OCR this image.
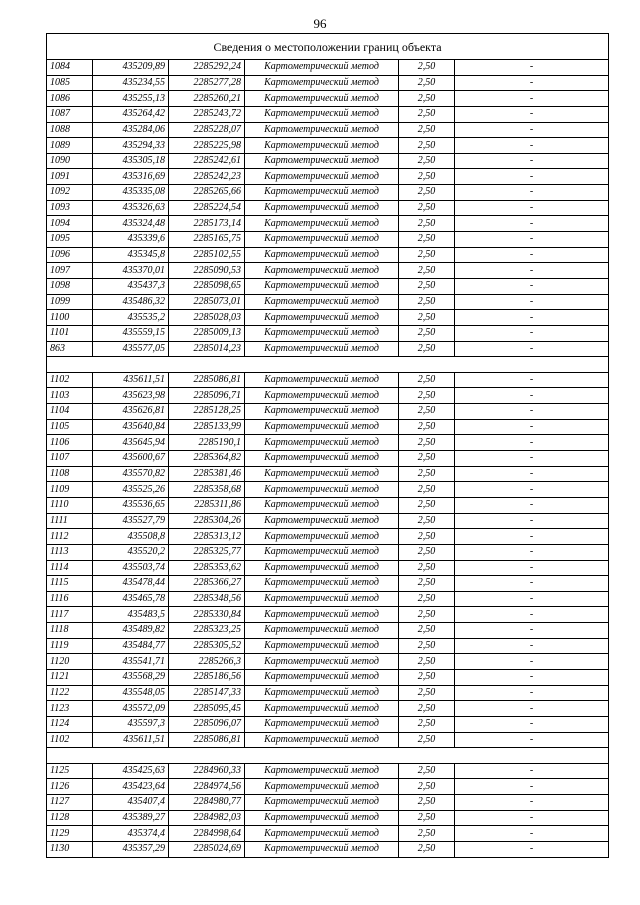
96
Сведения о местоположении границ объекта					
1084	435209,89	2285292,24	Картометрический метод	2,50	-
1085	435234,55	2285277,28	Картометрический метод	2,50	-
1086	435255,13	2285260,21	Картометрический метод	2,50	-
1087	435264,42	2285243,72	Картометрический метод	2,50	-
1088	435284,06	2285228,07	Картометрический метод	2,50	-
1089	435294,33	2285225,98	Картометрический метод	2,50	-
1090	435305,18	2285242,61	Картометрический метод	2,50	-
1091	435316,69	2285242,23	Картометрический метод	2,50	-
1092	435335,08	2285265,66	Картометрический метод	2,50	-
1093	435326,63	2285224,54	Картометрический метод	2,50	-
1094	435324,48	2285173,14	Картометрический метод	2,50	-
1095	435339,6	2285165,75	Картометрический метод	2,50	-
1096	435345,8	2285102,55	Картометрический метод	2,50	-
1097	435370,01	2285090,53	Картометрический метод	2,50	-
1098	435437,3	2285098,65	Картометрический метод	2,50	-
1099	435486,32	2285073,01	Картометрический метод	2,50	-
1100	435535,2	2285028,03	Картометрический метод	2,50	-
1101	435559,15	2285009,13	Картометрический метод	2,50	-
863	435577,05	2285014,23	Картометрический метод	2,50	-

1102	435611,51	2285086,81	Картометрический метод	2,50	-
1103	435623,98	2285096,71	Картометрический метод	2,50	-
1104	435626,81	2285128,25	Картометрический метод	2,50	-
1105	435640,84	2285133,99	Картометрический метод	2,50	-
1106	435645,94	2285190,1	Картометрический метод	2,50	-
1107	435600,67	2285364,82	Картометрический метод	2,50	-
1108	435570,82	2285381,46	Картометрический метод	2,50	-
1109	435525,26	2285358,68	Картометрический метод	2,50	-
1110	435536,65	2285311,86	Картометрический метод	2,50	-
1111	435527,79	2285304,26	Картометрический метод	2,50	-
1112	435508,8	2285313,12	Картометрический метод	2,50	-
1113	435520,2	2285325,77	Картометрический метод	2,50	-
1114	435503,74	2285353,62	Картометрический метод	2,50	-
1115	435478,44	2285366,27	Картометрический метод	2,50	-
1116	435465,78	2285348,56	Картометрический метод	2,50	-
1117	435483,5	2285330,84	Картометрический метод	2,50	-
1118	435489,82	2285323,25	Картометрический метод	2,50	-
1119	435484,77	2285305,52	Картометрический метод	2,50	-
1120	435541,71	2285266,3	Картометрический метод	2,50	-
1121	435568,29	2285186,56	Картометрический метод	2,50	-
1122	435548,05	2285147,33	Картометрический метод	2,50	-
1123	435572,09	2285095,45	Картометрический метод	2,50	-
1124	435597,3	2285096,07	Картометрический метод	2,50	-
1102	435611,51	2285086,81	Картометрический метод	2,50	-

1125	435425,63	2284960,33	Картометрический метод	2,50	-
1126	435423,64	2284974,56	Картометрический метод	2,50	-
1127	435407,4	2284980,77	Картометрический метод	2,50	-
1128	435389,27	2284982,03	Картометрический метод	2,50	-
1129	435374,4	2284998,64	Картометрический метод	2,50	-
1130	435357,29	2285024,69	Картометрический метод	2,50	-
